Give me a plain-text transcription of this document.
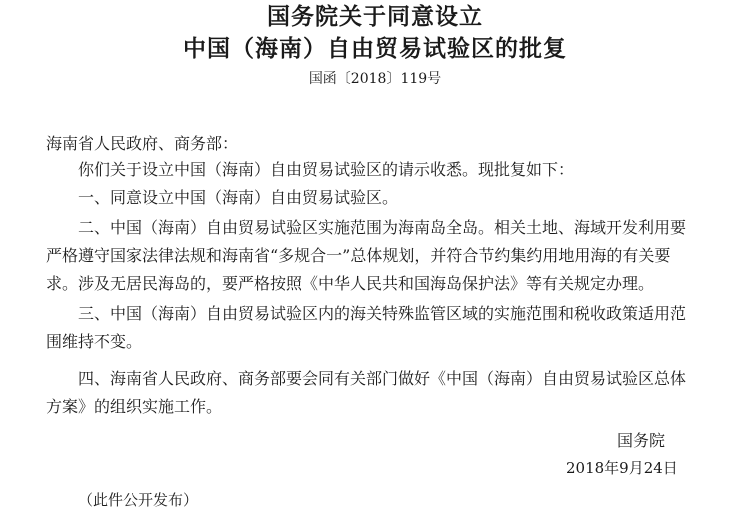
国务院关于同意设立
中国（海南）自由贸易试验区的批复
国函〔2018〕119号
海南省人民政府、商务部：
你们关于设立中国（海南）自由贸易试验区的请示收悉。现批复如下：
一、同意设立中国（海南）自由贸易试验区。
二、中国（海南）自由贸易试验区实施范围为海南岛全岛。相关土地、海域开发利用要
严格遵守国家法律法规和海南省“多规合一”总体规划，并符合节约集约用地用海的有关要
求。涉及无居民海岛的，要严格按照《中华人民共和国海岛保护法》等有关规定办理。
三、中国（海南）自由贸易试验区内的海关特殊监管区域的实施范围和税收政策适用范
围维持不变。
四、海南省人民政府、商务部要会同有关部门做好《中国（海南）自由贸易试验区总体
方案》的组织实施工作。
国务院
2018年9月24日
（此件公开发布）
